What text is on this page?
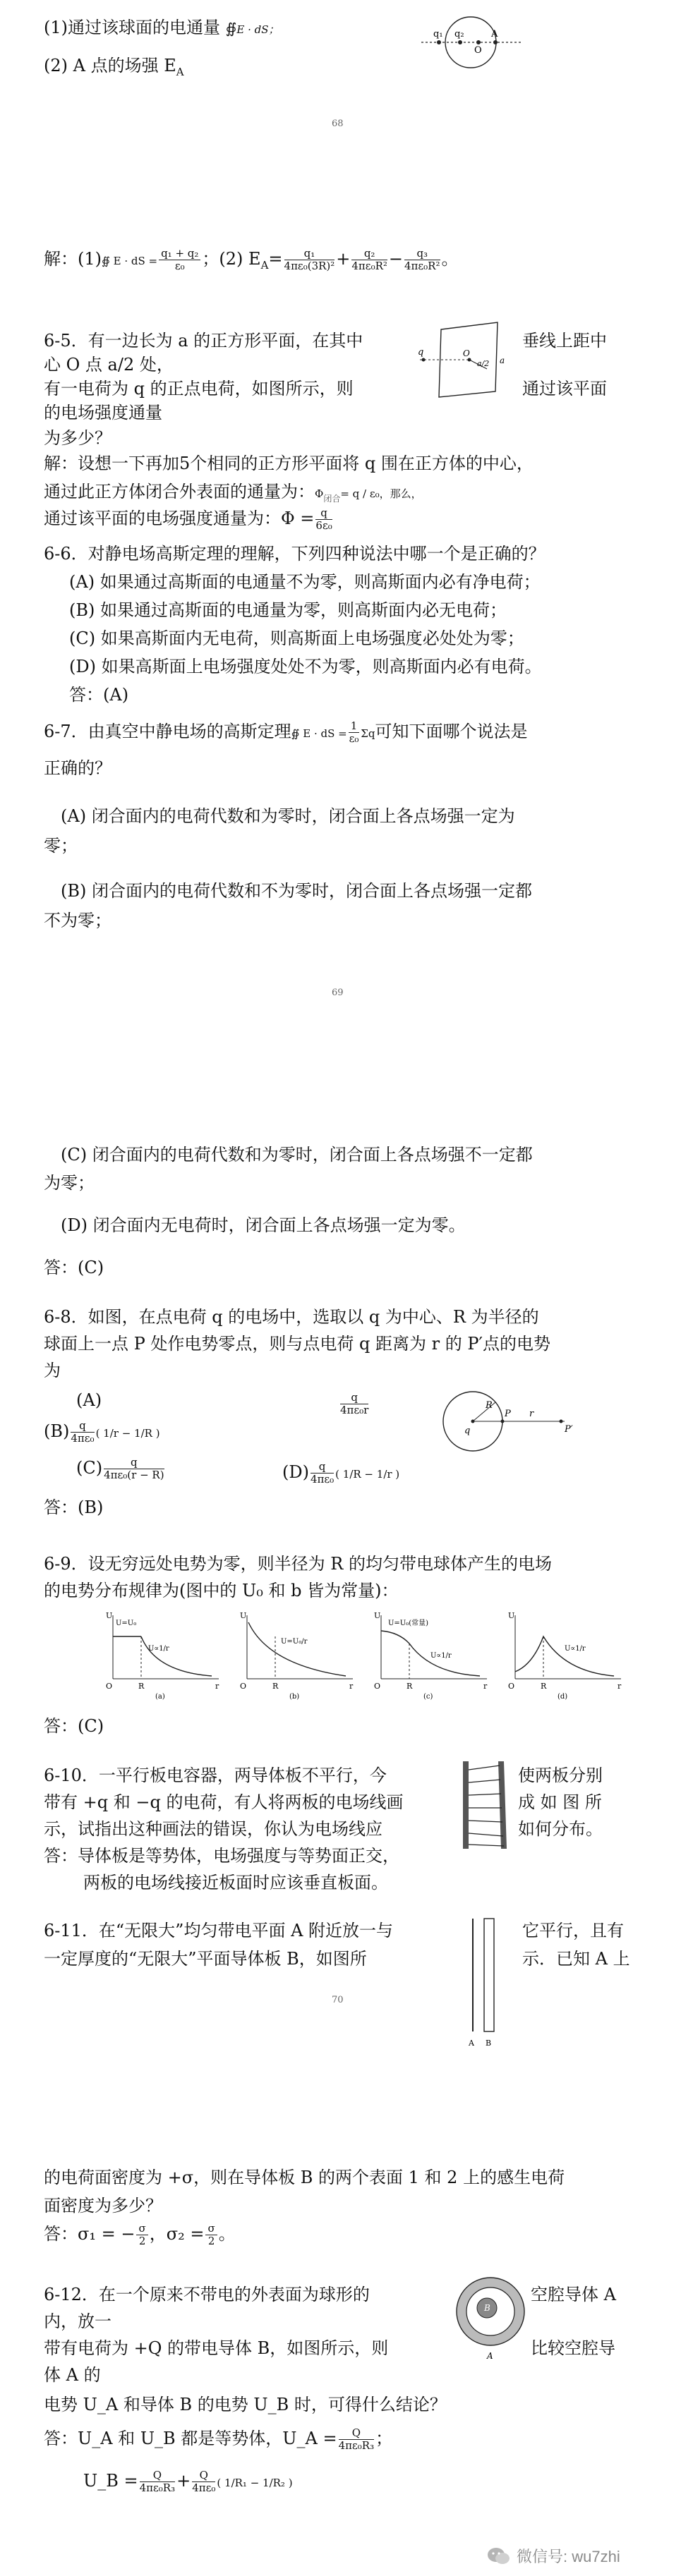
(1)通过该球面的电通量 ∯E · dS；
(2) A 点的场强 $E_A$
q₁ q₂	A
O
68
解：(1)∯ E · dS = $\frac{\text{q₁ + q₂}}{\text{ε₀}}$ ；(2) $E_A= \frac{\text{q₁}}{\text{4πε₀(3R)²}} + \frac{\text{q₂}}{\text{4πε₀R²}} - \frac{\text{q₃}}{\text{4πε₀R²}}$ 。
6-5．有一边长为 a 的正方形平面，在其中	垂线上距中
心 O 点 a/2 处，
有一电荷为 q 的正点电荷，如图所示，则	通过该平面
的电场强度通量
为多少？
q	O
a/2 a
解：设想一下再加5个相同的正方形平面将 q 围在正方体的中心，
通过此正方体闭合外表面的通量为：$\Phi_{闭合}= q / \varepsilon_0$，那么，
通过该平面的电场强度通量为：$\Phi = \frac{q}{\text{6ε₀}}$
6-6．对静电场高斯定理的理解，下列四种说法中哪一个是正确的？
(A) 如果通过高斯面的电通量不为零，则高斯面内必有净电荷；
(B) 如果通过高斯面的电通量为零，则高斯面内必无电荷；
(C) 如果高斯面内无电荷，则高斯面上电场强度必处处为零；
(D) 如果高斯面上电场强度处处不为零，则高斯面内必有电荷。
答：(A)
6-7．由真空中静电场的高斯定理∯ E · dS = $\frac{1}{\text{ε₀}}$ Σq可知下面哪个说法是
正确的？
(A) 闭合面内的电荷代数和为零时，闭合面上各点场强一定为
零；
(B) 闭合面内的电荷代数和不为零时，闭合面上各点场强一定都
不为零；
69
(C) 闭合面内的电荷代数和为零时，闭合面上各点场强不一定都
为零；
(D) 闭合面内无电荷时，闭合面上各点场强一定为零。
答：(C)
6-8．如图，在点电荷 q 的电场中，选取以 q 为中心、R 为半径的
球面上一点 P 处作电势零点，则与点电荷 q 距离为 r 的 P′点的电势
为
(A)	$\frac{q}{\text{4πε₀r}}$
$(B) \frac{q}{\text{4πε₀}}$ ( 1/r − 1/R )
$(C) \frac{q}{\text{4πε₀(r − R)}}$	$(D) \frac{q}{\text{4πε₀}}$ ( 1/R − 1/r )
q
R
P r
P′
答：(B)
6-9．设无穷远处电势为零，则半径为 R 的均匀带电球体产生的电场
的电势分布规律为(图中的 U₀ 和 b 皆为常量)：
U
r
R
O
U=U₀
U∝1/r
(a)
U
r
R
O
U=U₀/r
(b)
U
r
R
O
U=U₀(常量)
U∝1/r
(c)
U
r
R
O
U∝1/r
(d)
答：(C)
6-10．一平行板电容器，两导体板不平行，今	使两板分别
带有 +q 和 −q 的电荷，有人将两板的电场线画	成 如 图 所
示，试指出这种画法的错误，你认为电场线应	如何分布。
答：导体板是等势体，电场强度与等势面正交，
两板的电场线接近板面时应该垂直板面。
6-11．在“无限大”均匀带电平面 A 附近放一与	它平行，且有
一定厚度的“无限大”平面导体板 B，如图所	示．已知 A 上
70
A B
的电荷面密度为 +σ，则在导体板 B 的两个表面 1 和 2 上的感生电荷
面密度为多少？
答：σ₁ = − $\frac{\sigma}{2}$ ，$\sigma_2 = \frac{\sigma}{2}$ 。
6-12．在一个原来不带电的外表面为球形的	空腔导体 A
内，放一
带有电荷为 +Q 的带电导体 B，如图所示，则	比较空腔导
体 A 的
B
A
电势 U_A 和导体 B 的电势 U_B 时，可得什么结论？
答：U_A 和 U_B 都是等势体，U_A = $\frac{Q}{\text{4πε₀R₃}}$ ；
U_B = $\frac{Q}{\text{4πε₀R₃}} + \frac{Q}{\text{4πε₀}}$ ( 1/R₁ − 1/R₂ )
微信号: wu7zhi
